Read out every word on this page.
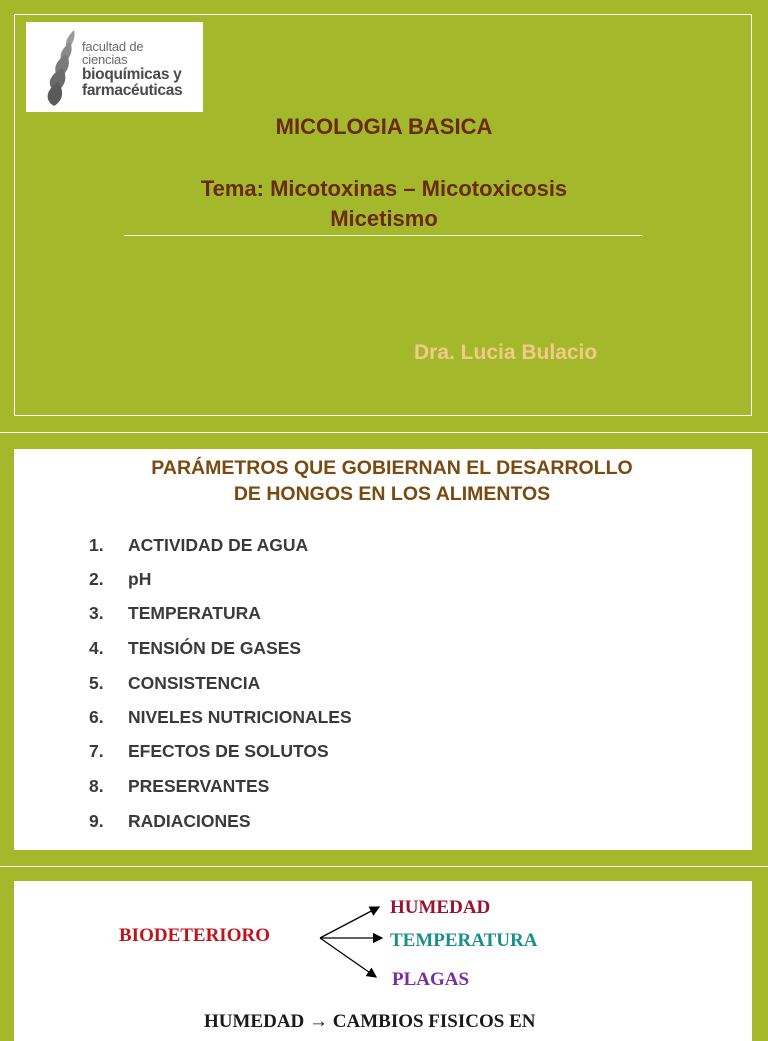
facultad de
ciencias
bioquímicas y
farmacéuticas
MICOLOGIA BASICA
Tema: Micotoxinas – Micotoxicosis
Micetismo
Dra. Lucia Bulacio
PARÁMETROS QUE GOBIERNAN EL DESARROLLO
DE HONGOS EN LOS ALIMENTOS
1.	ACTIVIDAD DE AGUA
2.	pH
3.	TEMPERATURA
4.	TENSIÓN DE GASES
5.	CONSISTENCIA
6.	NIVELES NUTRICIONALES
7.	EFECTOS DE SOLUTOS
8.	PRESERVANTES
9.	RADIACIONES
BIODETERIORO
HUMEDAD
TEMPERATURA
PLAGAS
HUMEDAD → CAMBIOS FISICOS EN
